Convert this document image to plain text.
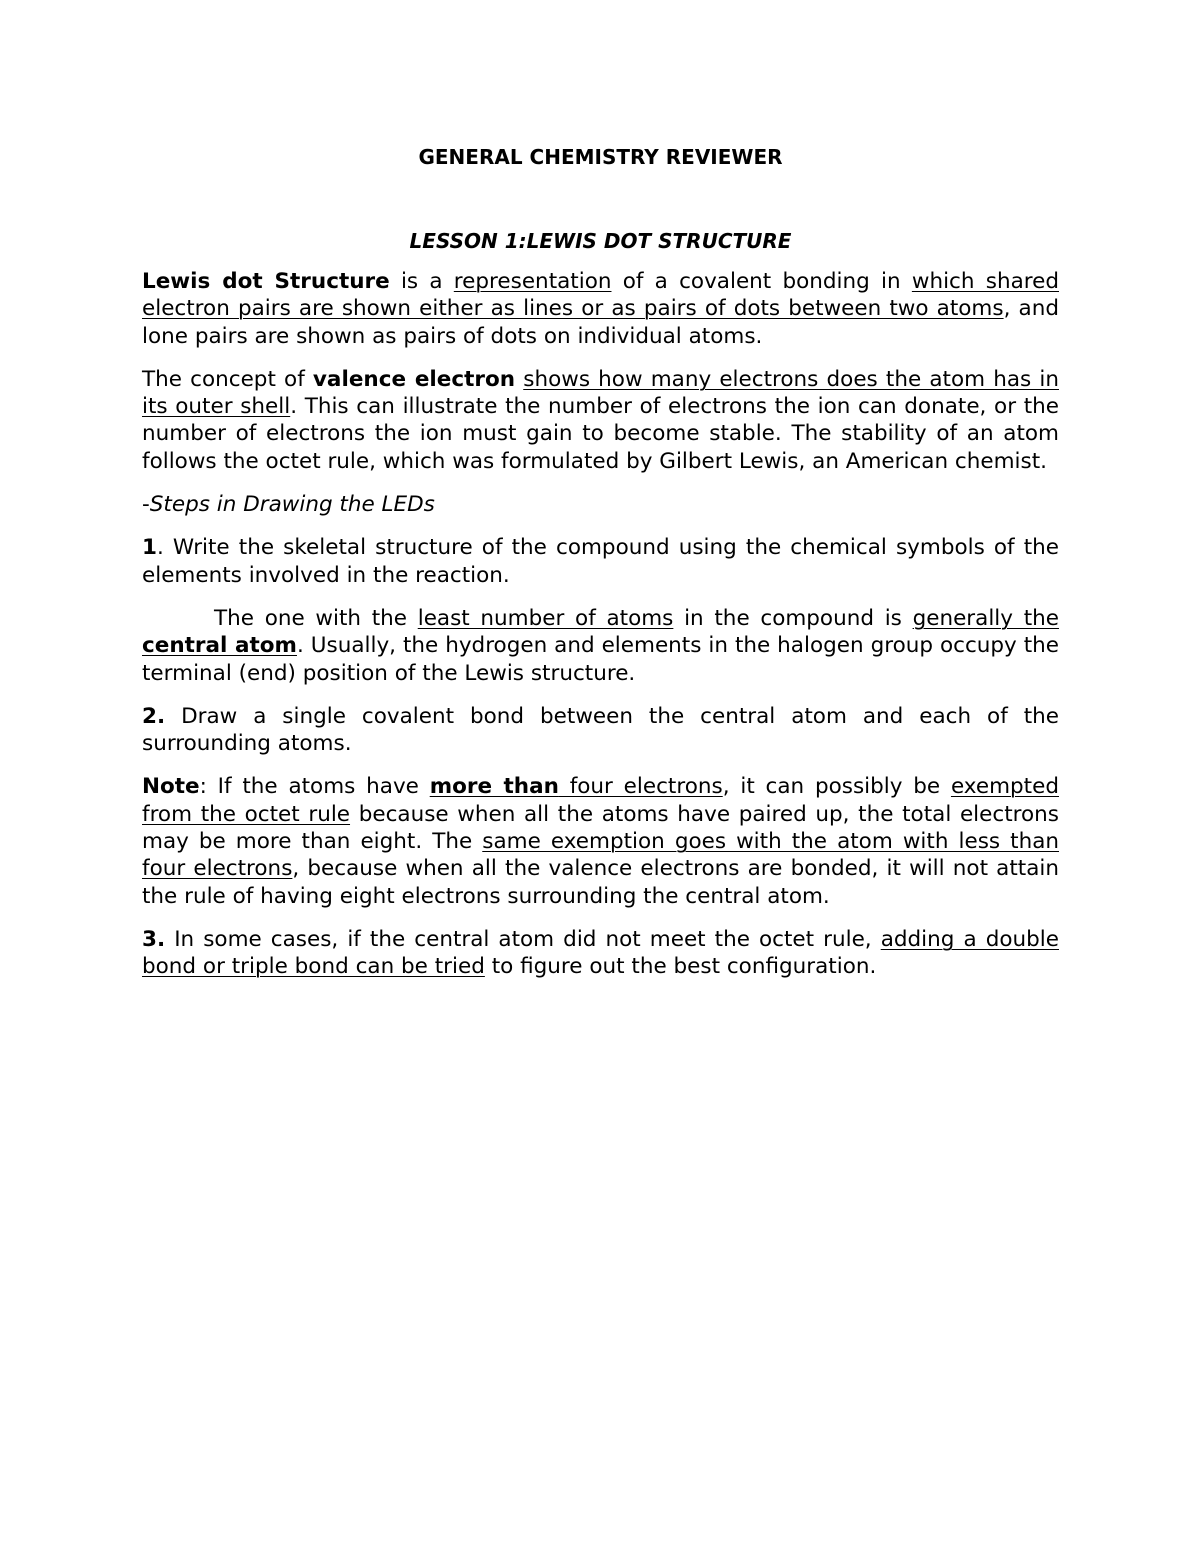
GENERAL CHEMISTRY REVIEWER
LESSON 1:LEWIS DOT STRUCTURE

Lewis dot Structure is a representation of a covalent bonding in which shared electron pairs are shown either as lines or as pairs of dots between two atoms, and lone pairs are shown as pairs of dots on individual atoms.

The concept of valence electron shows how many electrons does the atom has in its outer shell. This can illustrate the number of electrons the ion can donate, or the number of electrons the ion must gain to become stable. The stability of an atom follows the octet rule, which was formulated by Gilbert Lewis, an American chemist.

-Steps in Drawing the LEDs

1. Write the skeletal structure of the compound using the chemical symbols of the elements involved in the reaction.

The one with the least number of atoms in the compound is generally the central atom. Usually, the hydrogen and elements in the halogen group occupy the terminal (end) position of the Lewis structure.

2. Draw a single covalent bond between the central atom and each of the surrounding atoms.

Note: If the atoms have more than four electrons, it can possibly be exempted from the octet rule because when all the atoms have paired up, the total electrons may be more than eight. The same exemption goes with the atom with less than four electrons, because when all the valence electrons are bonded, it will not attain the rule of having eight electrons surrounding the central atom.

3. In some cases, if the central atom did not meet the octet rule, adding a double bond or triple bond can be tried to figure out the best configuration.
